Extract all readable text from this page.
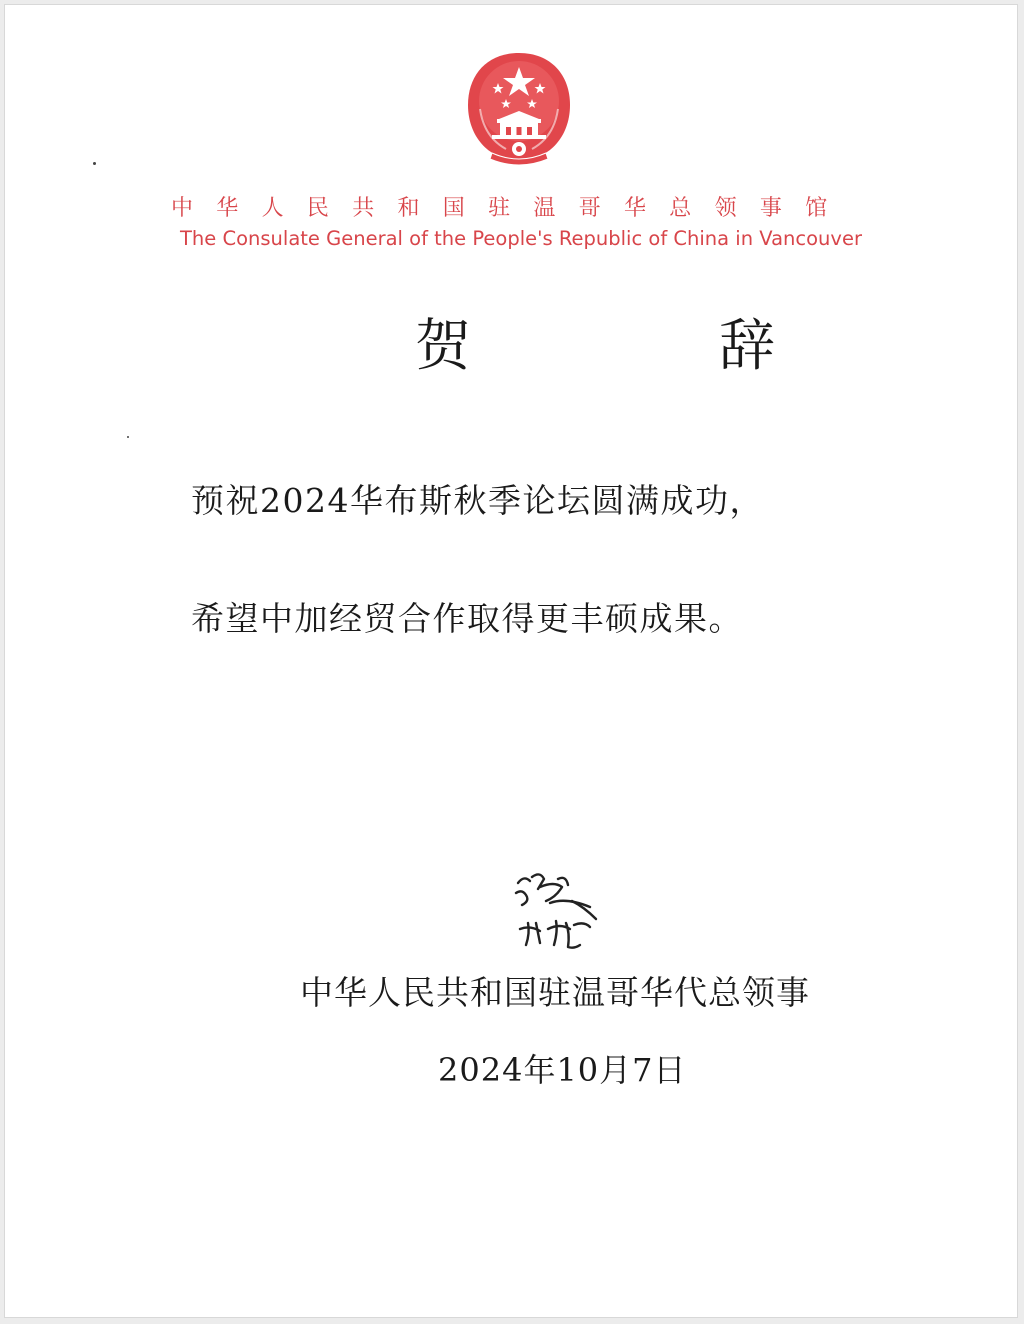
中华人民共和国驻温哥华总领事馆

The Consulate General of the People's Republic of China in Vancouver
贺　辞

预祝2024华布斯秋季论坛圆满成功，

希望中加经贸合作取得更丰硕成果。

中华人民共和国驻温哥华代总领事

2024年10月7日
